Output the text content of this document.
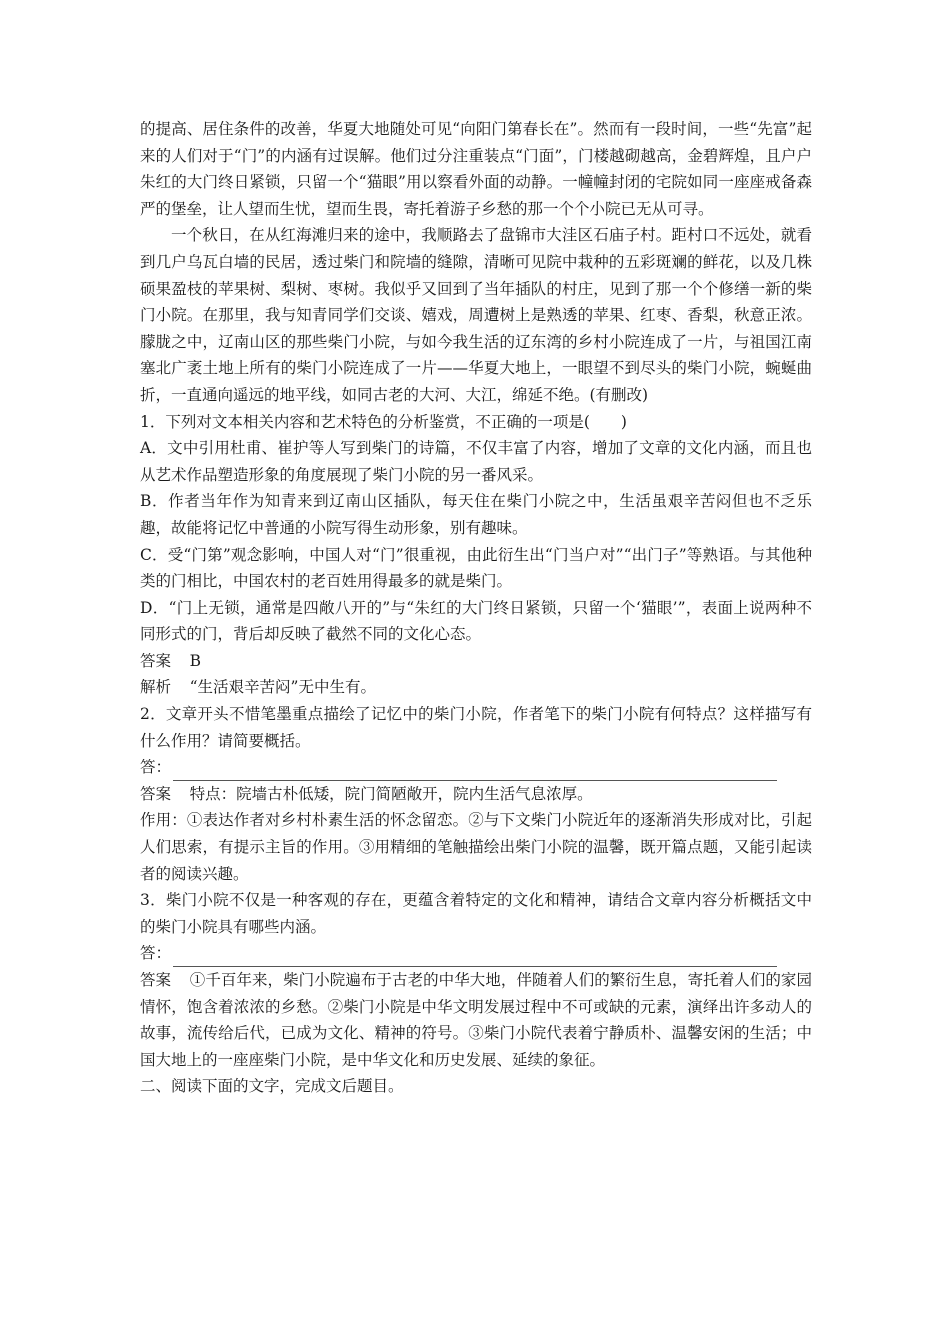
的提高、居住条件的改善，华夏大地随处可见“向阳门第春长在”。然而有一段时间，一些“先富”起来的人们对于“门”的内涵有过误解。他们过分注重装点“门面”，门楼越砌越高，金碧辉煌，且户户朱红的大门终日紧锁，只留一个“猫眼”用以察看外面的动静。一幢幢封闭的宅院如同一座座戒备森严的堡垒，让人望而生忧，望而生畏，寄托着游子乡愁的那一个个小院已无从可寻。

一个秋日，在从红海滩归来的途中，我顺路去了盘锦市大洼区石庙子村。距村口不远处，就看到几户乌瓦白墙的民居，透过柴门和院墙的缝隙，清晰可见院中栽种的五彩斑斓的鲜花，以及几株硕果盈枝的苹果树、梨树、枣树。我似乎又回到了当年插队的村庄，见到了那一个个修缮一新的柴门小院。在那里，我与知青同学们交谈、嬉戏，周遭树上是熟透的苹果、红枣、香梨，秋意正浓。朦胧之中，辽南山区的那些柴门小院，与如今我生活的辽东湾的乡村小院连成了一片，与祖国江南塞北广袤土地上所有的柴门小院连成了一片——华夏大地上，一眼望不到尽头的柴门小院，蜿蜒曲折，一直通向遥远的地平线，如同古老的大河、大江，绵延不绝。(有删改)

1．下列对文本相关内容和艺术特色的分析鉴赏，不正确的一项是(　　)

A．文中引用杜甫、崔护等人写到柴门的诗篇，不仅丰富了内容，增加了文章的文化内涵，而且也从艺术作品塑造形象的角度展现了柴门小院的另一番风采。

B．作者当年作为知青来到辽南山区插队，每天住在柴门小院之中，生活虽艰辛苦闷但也不乏乐趣，故能将记忆中普通的小院写得生动形象，别有趣味。

C．受“门第”观念影响，中国人对“门”很重视，由此衍生出“门当户对”“出门子”等熟语。与其他种类的门相比，中国农村的老百姓用得最多的就是柴门。

D．“门上无锁，通常是四敞八开的”与“朱红的大门终日紧锁，只留一个‘猫眼’”，表面上说两种不同形式的门，背后却反映了截然不同的文化心态。

答案 B

解析 “生活艰辛苦闷”无中生有。

2．文章开头不惜笔墨重点描绘了记忆中的柴门小院，作者笔下的柴门小院有何特点？这样描写有什么作用？请简要概括。

答：

答案 特点：院墙古朴低矮，院门简陋敞开，院内生活气息浓厚。

作用：①表达作者对乡村朴素生活的怀念留恋。②与下文柴门小院近年的逐渐消失形成对比，引起人们思索，有提示主旨的作用。③用精细的笔触描绘出柴门小院的温馨，既开篇点题，又能引起读者的阅读兴趣。

3．柴门小院不仅是一种客观的存在，更蕴含着特定的文化和精神，请结合文章内容分析概括文中的柴门小院具有哪些内涵。

答：

答案 ①千百年来，柴门小院遍布于古老的中华大地，伴随着人们的繁衍生息，寄托着人们的家园情怀，饱含着浓浓的乡愁。②柴门小院是中华文明发展过程中不可或缺的元素，演绎出许多动人的故事，流传给后代，已成为文化、精神的符号。③柴门小院代表着宁静质朴、温馨安闲的生活；中国大地上的一座座柴门小院，是中华文化和历史发展、延续的象征。

二、阅读下面的文字，完成文后题目。
